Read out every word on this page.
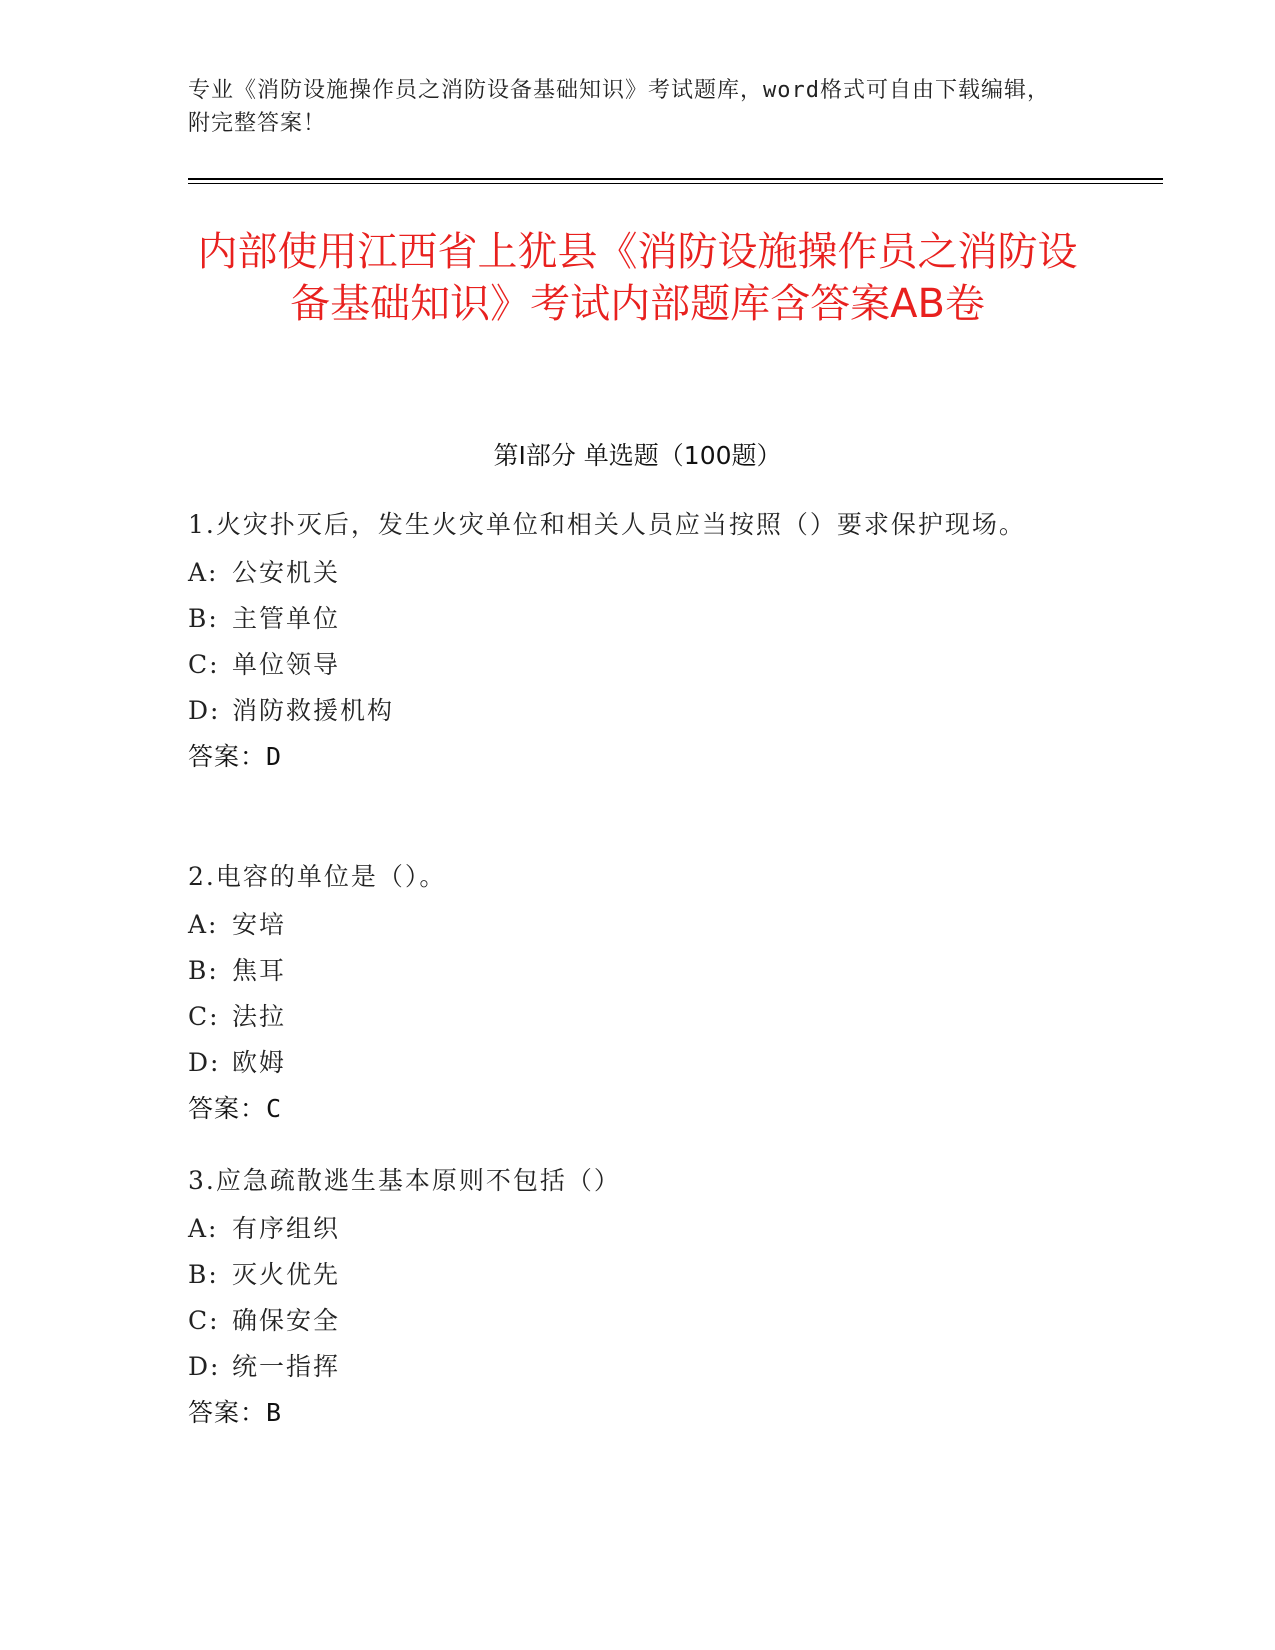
专业《消防设施操作员之消防设备基础知识》考试题库，word格式可自由下载编辑，附完整答案！
内部使用江西省上犹县《消防设施操作员之消防设备基础知识》考试内部题库含答案AB卷
第Ⅰ部分 单选题（100题）
1.火灾扑灭后，发生火灾单位和相关人员应当按照（）要求保护现场。
A: 公安机关
B: 主管单位
C: 单位领导
D: 消防救援机构
答案：D
2.电容的单位是（）。
A: 安培
B: 焦耳
C: 法拉
D: 欧姆
答案：C
3.应急疏散逃生基本原则不包括（）
A: 有序组织
B: 灭火优先
C: 确保安全
D: 统一指挥
答案：B
